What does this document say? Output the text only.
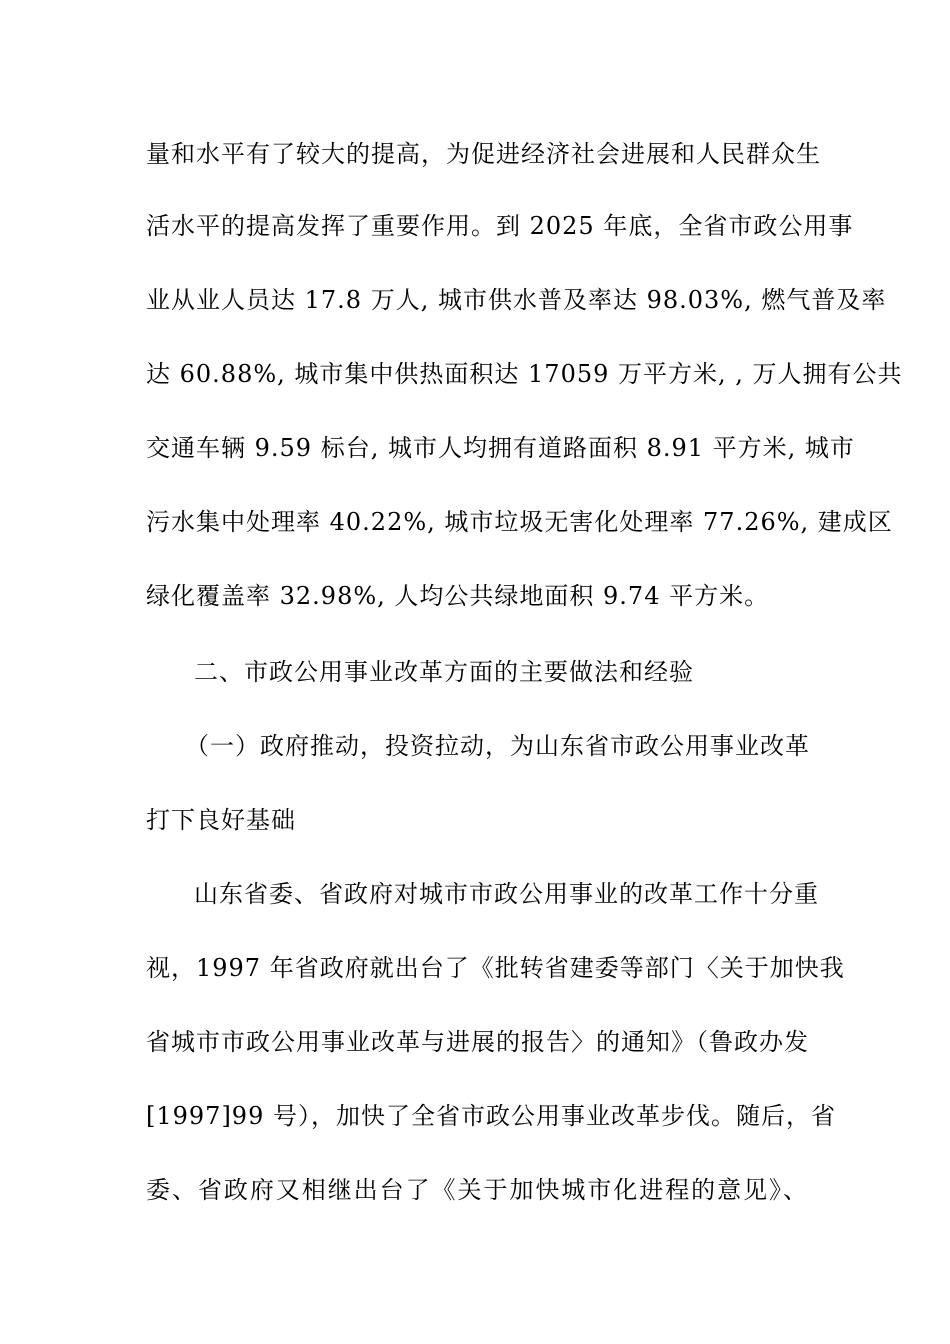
量和水平有了较大的提高，为促进经济社会进展和人民群众生
活水平的提高发挥了重要作用。到 2025 年底，全省市政公用事
业从业人员达 17.8 万人, 城市供水普及率达 98.03%, 燃气普及率
达 60.88%, 城市集中供热面积达 17059 万平方米, , 万人拥有公共
交通车辆 9.59 标台, 城市人均拥有道路面积 8.91 平方米, 城市
污水集中处理率 40.22%, 城市垃圾无害化处理率 77.26%, 建成区
绿化覆盖率 32.98%, 人均公共绿地面积 9.74 平方米。
二、市政公用事业改革方面的主要做法和经验
（一）政府推动，投资拉动，为山东省市政公用事业改革
打下良好基础
山东省委、省政府对城市市政公用事业的改革工作十分重
视，1997 年省政府就出台了《批转省建委等部门〈关于加快我
省城市市政公用事业改革与进展的报告〉的通知》（鲁政办发
[1997]99 号），加快了全省市政公用事业改革步伐。随后，省
委、省政府又相继出台了《关于加快城市化进程的意见》、
